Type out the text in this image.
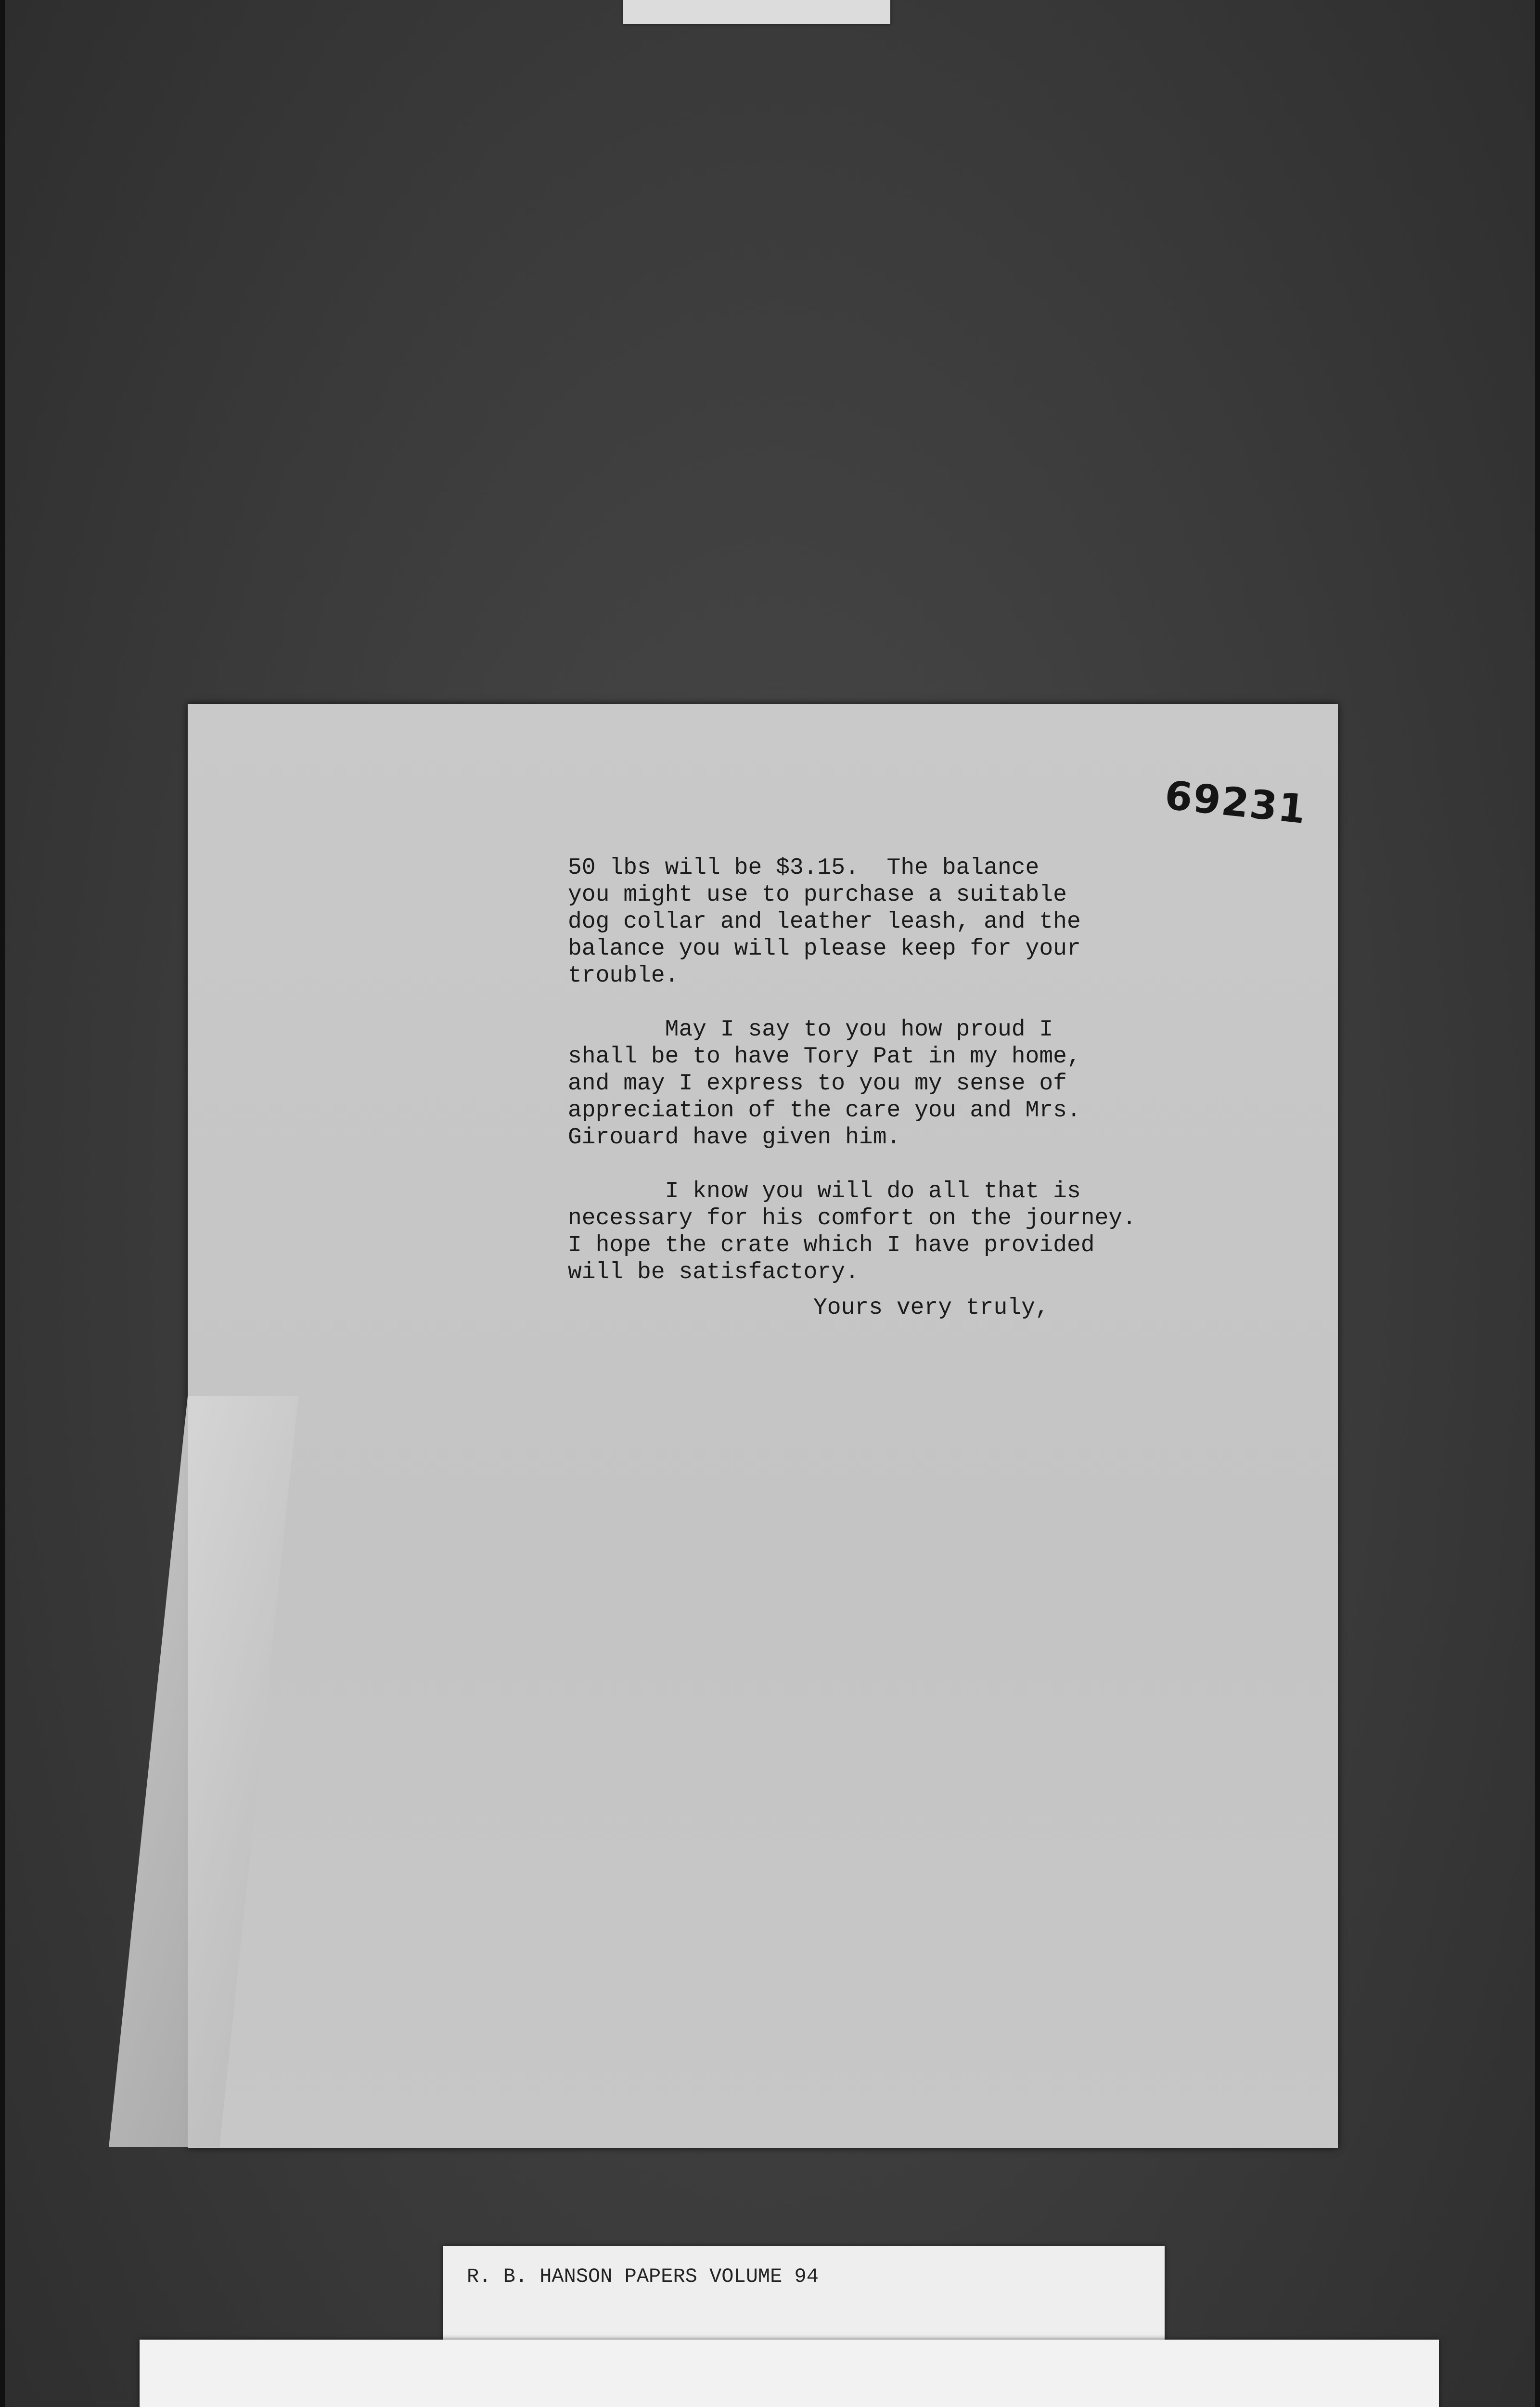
69231

50 lbs will be $3.15.  The balance
you might use to purchase a suitable
dog collar and leather leash, and the
balance you will please keep for your
trouble.

May I say to you how proud I
shall be to have Tory Pat in my home,
and may I express to you my sense of
appreciation of the care you and Mrs.
Girouard have given him.

I know you will do all that is
necessary for his comfort on the journey.
I hope the crate which I have provided
will be satisfactory.

Yours very truly,
R. B. HANSON PAPERS VOLUME 94
